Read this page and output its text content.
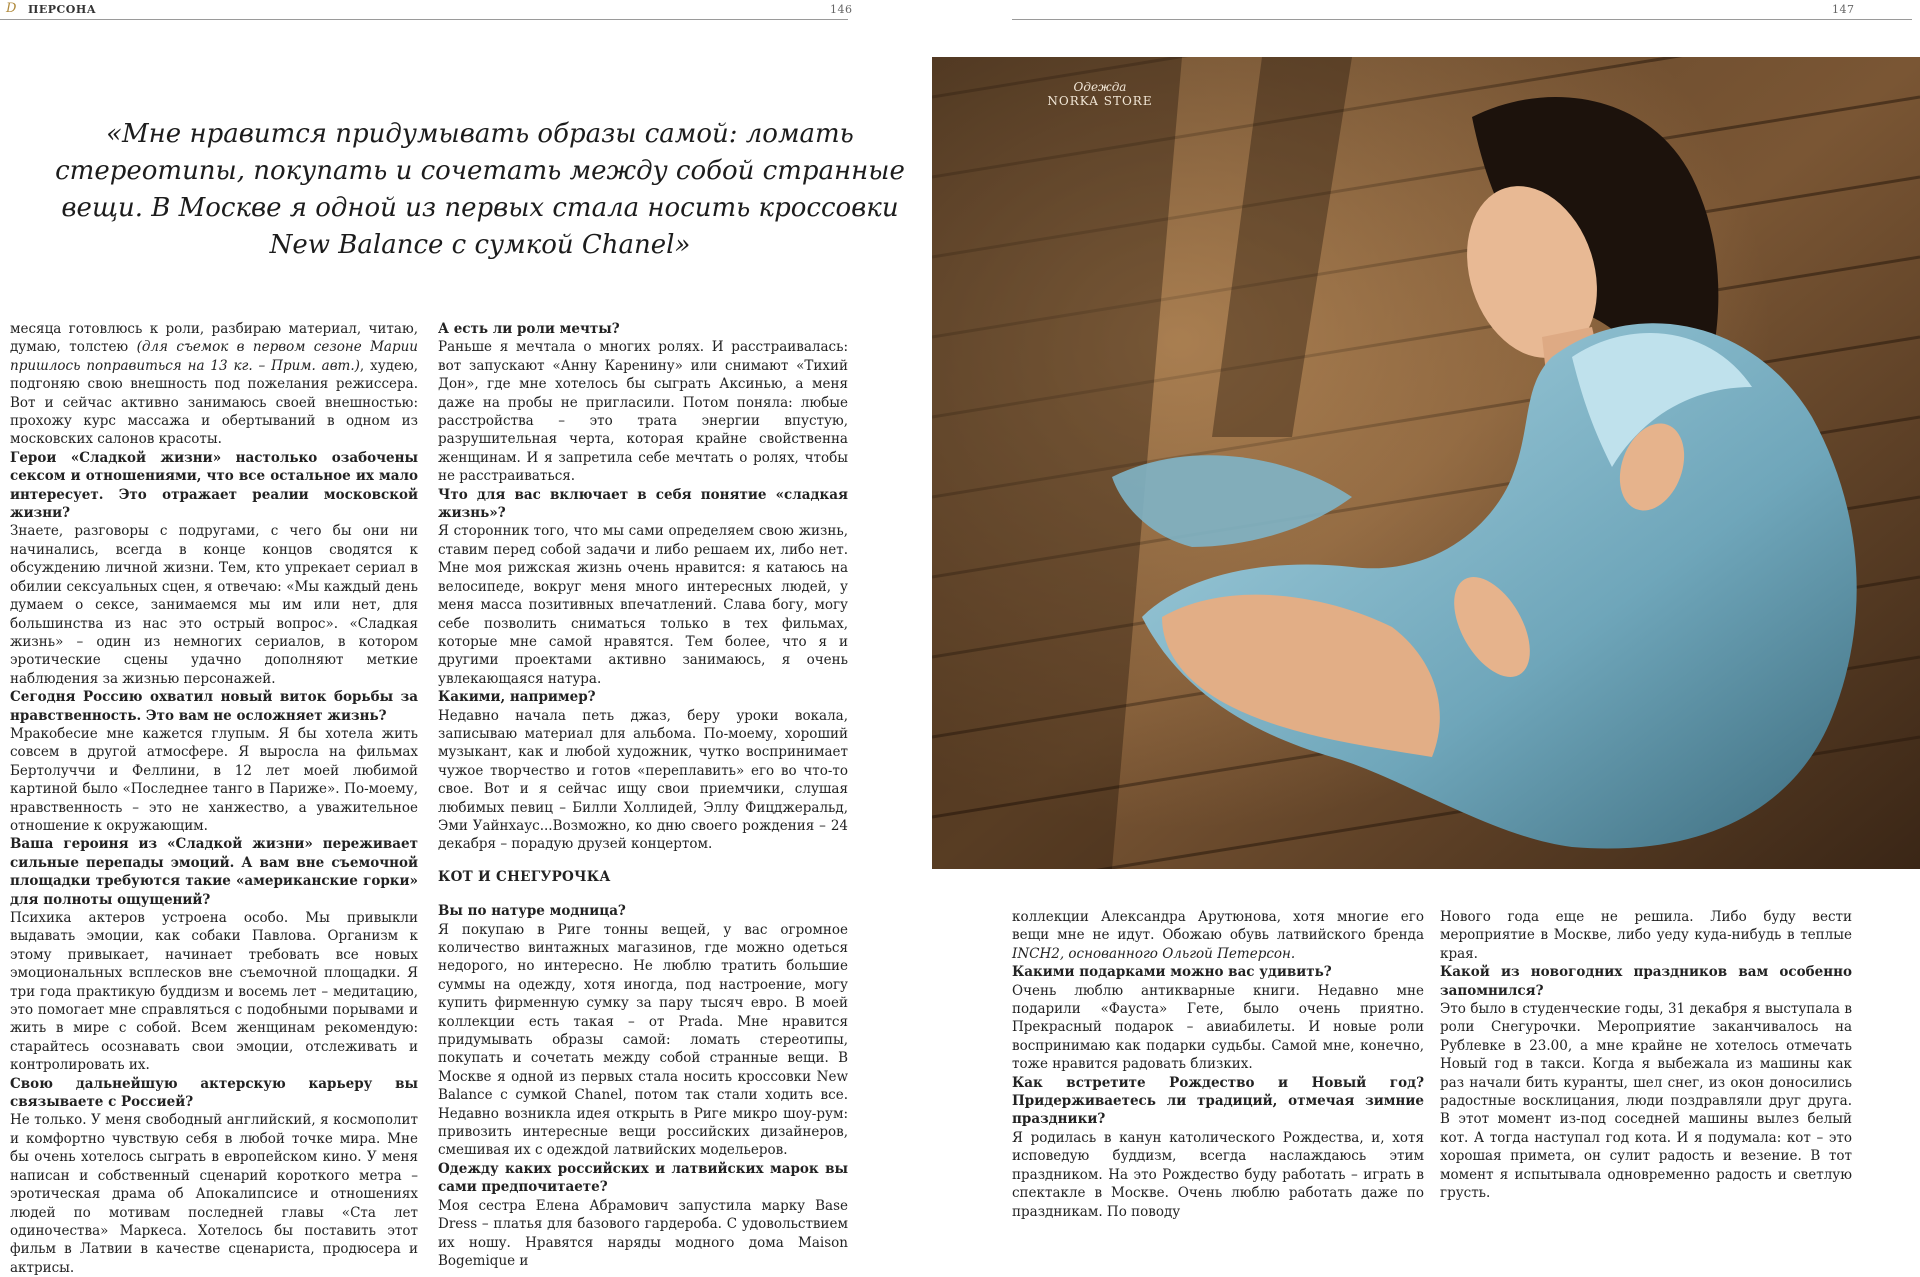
D ПЕРСОНА	146
«Мне нравится придумывать образы самой: ломать стереотипы, покупать и сочетать между собой странные вещи. В Москве я одной из первых стала носить кроссовки New Balance с сумкой Chanel»

месяца готовлюсь к роли, разбираю материал, читаю, думаю, толстею (для съемок в первом сезоне Марии пришлось поправиться на 13 кг. – Прим. авт.), худею, подгоняю свою внешность под пожелания режиссера. Вот и сейчас активно занимаюсь своей внешностью: прохожу курс массажа и обертываний в одном из московских салонов красоты.

Герои «Сладкой жизни» настолько озабочены сексом и отношениями, что все остальное их мало интересует. Это отражает реалии московской жизни?

Знаете, разговоры с подругами, с чего бы они ни начинались, всегда в конце концов сводятся к обсуждению личной жизни. Тем, кто упрекает сериал в обилии сексуальных сцен, я отвечаю: «Мы каждый день думаем о сексе, занимаемся мы им или нет, для большинства из нас это острый вопрос». «Сладкая жизнь» – один из немногих сериалов, в котором эротические сцены удачно дополняют меткие наблюдения за жизнью персонажей.

Сегодня Россию охватил новый виток борьбы за нравственность. Это вам не осложняет жизнь?

Мракобесие мне кажется глупым. Я бы хотела жить совсем в другой атмосфере. Я выросла на фильмах Бертолуччи и Феллини, в 12 лет моей любимой картиной было «Последнее танго в Париже». По-моему, нравственность – это не ханжество, а уважительное отношение к окружающим.

Ваша героиня из «Сладкой жизни» переживает сильные перепады эмоций. А вам вне съемочной площадки требуются такие «американские горки» для полноты ощущений?

Психика актеров устроена особо. Мы привыкли выдавать эмоции, как собаки Павлова. Организм к этому привыкает, начинает требовать все новых эмоциональных всплесков вне съемочной площадки. Я три года практикую буддизм и восемь лет – медитацию, это помогает мне справляться с подобными порывами и жить в мире с собой. Всем женщинам рекомендую: старайтесь осознавать свои эмоции, отслеживать и контролировать их.

Свою дальнейшую актерскую карьеру вы связываете с Россией?

Не только. У меня свободный английский, я космополит и комфортно чувствую себя в любой точке мира. Мне бы очень хотелось сыграть в европейском кино. У меня написан и собственный сценарий короткого метра – эротическая драма об Апокалипсисе и отношениях людей по мотивам последней главы «Ста лет одиночества» Маркеса. Хотелось бы поставить этот фильм в Латвии в качестве сценариста, продюсера и актрисы.

А есть ли роли мечты?

Раньше я мечтала о многих ролях. И расстраивалась: вот запускают «Анну Каренину» или снимают «Тихий Дон», где мне хотелось бы сыграть Аксинью, а меня даже на пробы не пригласили. Потом поняла: любые расстройства – это трата энергии впустую, разрушительная черта, которая крайне свойственна женщинам. И я запретила себе мечтать о ролях, чтобы не расстраиваться.

Что для вас включает в себя понятие «сладкая жизнь»?

Я сторонник того, что мы сами определяем свою жизнь, ставим перед собой задачи и либо решаем их, либо нет. Мне моя рижская жизнь очень нравится: я катаюсь на велосипеде, вокруг меня много интересных людей, у меня масса позитивных впечатлений. Слава богу, могу себе позволить сниматься только в тех фильмах, которые мне самой нравятся. Тем более, что я и другими проектами активно занимаюсь, я очень увлекающаяся натура.

Какими, например?

Недавно начала петь джаз, беру уроки вокала, записываю материал для альбома. По-моему, хороший музыкант, как и любой художник, чутко воспринимает чужое творчество и готов «переплавить» его во что-то свое. Вот и я сейчас ищу свои приемчики, слушая любимых певиц – Билли Холлидей, Эллу Фицджеральд, Эми Уайнхаус...Возможно, ко дню своего рождения – 24 декабря – порадую друзей концертом.

КОТ И СНЕГУРОЧКА

Вы по натуре модница?

Я покупаю в Риге тонны вещей, у вас огромное количество винтажных магазинов, где можно одеться недорого, но интересно. Не люблю тратить большие суммы на одежду, хотя иногда, под настроение, могу купить фирменную сумку за пару тысяч евро. В моей коллекции есть такая – от Prada. Мне нравится придумывать образы самой: ломать стереотипы, покупать и сочетать между собой странные вещи. В Москве я одной из первых стала носить кроссовки New Balance с сумкой Chanel, потом так стали ходить все. Недавно возникла идея открыть в Риге микро шоу-рум: привозить интересные вещи российских дизайнеров, смешивая их с одеждой латвийских модельеров.

Одежду каких российских и латвийских марок вы сами предпочитаете?

Моя сестра Елена Абрамович запустила марку Base Dress – платья для базового гардероба. С удовольствием их ношу. Нравятся наряды модного дома Maison Bogemique и

147
Одежда
NORKA STORE

коллекции Александра Арутюнова, хотя многие его вещи мне не идут. Обожаю обувь латвийского бренда INCH2, основанного Ольгой Петерсон.

Какими подарками можно вас удивить?

Очень люблю антикварные книги. Недавно мне подарили «Фауста» Гете, было очень приятно. Прекрасный подарок – авиабилеты. И новые роли воспринимаю как подарки судьбы. Самой мне, конечно, тоже нравится радовать близких.

Как встретите Рождество и Новый год? Придерживаетесь ли традиций, отмечая зимние праздники?

Я родилась в канун католического Рождества, и, хотя исповедую буддизм, всегда наслаждаюсь этим праздником. На это Рождество буду работать – играть в спектакле в Москве. Очень люблю работать даже по праздникам. По поводу

Нового года еще не решила. Либо буду вести мероприятие в Москве, либо уеду куда-нибудь в теплые края.

Какой из новогодних праздников вам особенно запомнился?

Это было в студенческие годы, 31 декабря я выступала в роли Снегурочки. Мероприятие заканчивалось на Рублевке в 23.00, а мне крайне не хотелось отмечать Новый год в такси. Когда я выбежала из машины как раз начали бить куранты, шел снег, из окон доносились радостные восклицания, люди поздравляли друг друга. В этот момент из-под соседней машины вылез белый кот. А тогда наступал год кота. И я подумала: кот – это хорошая примета, он сулит радость и везение. В тот момент я испытывала одновременно радость и светлую грусть.
